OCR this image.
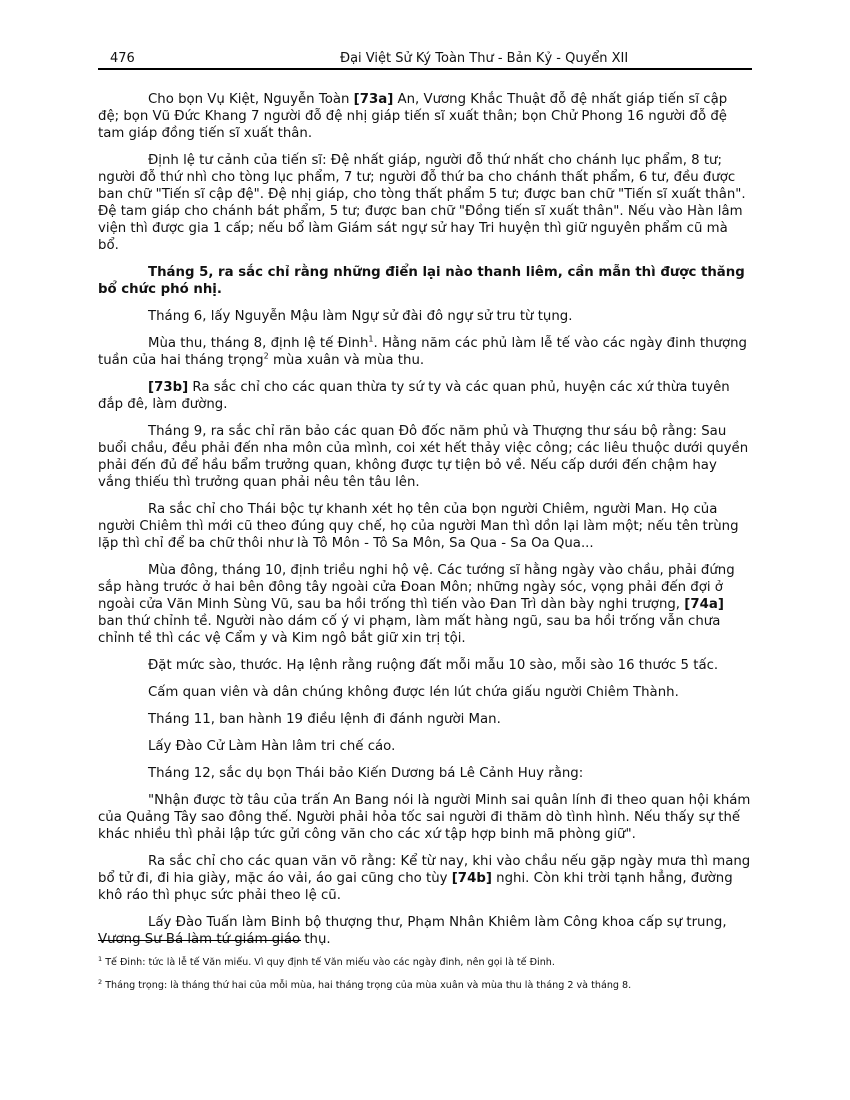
476	Đại Việt Sử Ký Toàn Thư - Bản Kỷ - Quyển XII

Cho bọn Vụ Kiệt, Nguyễn Toàn [73a] An, Vương Khắc Thuật đỗ đệ nhất giáp tiến sĩ cập đệ; bọn Vũ Đức Khang 7 người đỗ đệ nhị giáp tiến sĩ xuất thân; bọn Chử Phong 16 người đỗ đệ tam giáp đồng tiến sĩ xuất thân.

Định lệ tư cảnh của tiến sĩ: Đệ nhất giáp, người đỗ thứ nhất cho chánh lục phẩm, 8 tư; người đỗ thứ nhì cho tòng lục phẩm, 7 tư; người đỗ thứ ba cho chánh thất phẩm, 6 tư, đều được ban chữ "Tiến sĩ cập đệ". Đệ nhị giáp, cho tòng thất phẩm 5 tư; được ban chữ "Tiến sĩ xuất thân". Đệ tam giáp cho chánh bát phẩm, 5 tư; được ban chữ "Đồng tiến sĩ xuất thân". Nếu vào Hàn lâm viện thì được gia 1 cấp; nếu bổ làm Giám sát ngự sử hay Tri huyện thì giữ nguyên phẩm cũ mà bổ.

Tháng 5, ra sắc chỉ rằng những điển lại nào thanh liêm, cần mẫn thì được thăng bổ chức phó nhị.

Tháng 6, lấy Nguyễn Mậu làm Ngự sử đài đô ngự sử tru từ tụng.

Mùa thu, tháng 8, định lệ tế Đinh$^1$. Hằng năm các phủ làm lễ tế vào các ngày đinh thượng tuần của hai tháng trọng$^2$ mùa xuân và mùa thu.

[73b] Ra sắc chỉ cho các quan thừa ty sứ ty và các quan phủ, huyện các xứ thừa tuyên đắp đê, làm đường.

Tháng 9, ra sắc chỉ răn bảo các quan Đô đốc năm phủ và Thượng thư sáu bộ rằng: Sau buổi chầu, đều phải đến nha môn của mình, coi xét hết thảy việc công; các liêu thuộc dưới quyền phải đến đủ để hầu bẩm trưởng quan, không được tự tiện bỏ về. Nếu cấp dưới đến chậm hay vắng thiếu thì trưởng quan phải nêu tên tâu lên.

Ra sắc chỉ cho Thái bộc tự khanh xét họ tên của bọn người Chiêm, người Man. Họ của người Chiêm thì mới cũ theo đúng quy chế, họ của người Man thì dồn lại làm một; nếu tên trùng lặp thì chỉ để ba chữ thôi như là Tô Môn - Tô Sa Môn, Sa Qua - Sa Oa Qua...

Mùa đông, tháng 10, định triều nghi hộ vệ. Các tướng sĩ hằng ngày vào chầu, phải đứng sắp hàng trước ở hai bên đông tây ngoài cửa Đoan Môn; những ngày sóc, vọng phải đến đợi ở ngoài cửa Văn Minh Sùng Vũ, sau ba hồi trống thì tiến vào Đan Trì dàn bày nghi trượng, [74a] ban thứ chỉnh tề. Người nào dám cố ý vi phạm, làm mất hàng ngũ, sau ba hồi trống vẫn chưa chỉnh tề thì các vệ Cẩm y và Kim ngô bắt giữ xin trị tội.

Đặt mức sào, thước. Hạ lệnh rằng ruộng đất mỗi mẫu 10 sào, mỗi sào 16 thước 5 tấc.

Cấm quan viên và dân chúng không được lén lút chứa giấu người Chiêm Thành.

Tháng 11, ban hành 19 điều lệnh đi đánh người Man.

Lấy Đào Cử Làm Hàn lâm tri chế cáo.

Tháng 12, sắc dụ bọn Thái bảo Kiến Dương bá Lê Cảnh Huy rằng:

"Nhận được tờ tâu của trấn An Bang nói là người Minh sai quân lính đi theo quan hội khám của Quảng Tây sao đông thế. Người phải hỏa tốc sai người đi thăm dò tình hình. Nếu thấy sự thế khác nhiều thì phải lập tức gửi công văn cho các xứ tập hợp binh mã phòng giữ".

Ra sắc chỉ cho các quan văn võ rằng: Kể từ nay, khi vào chầu nếu gặp ngày mưa thì mang bổ tử đi, đi hia giày, mặc áo vải, áo gai cũng cho tùy [74b] nghi. Còn khi trời tạnh hẳng, đường khô ráo thì phục sức phải theo lệ cũ.

Lấy Đào Tuấn làm Binh bộ thượng thư, Phạm Nhân Khiêm làm Công khoa cấp sự trung, Vương Sư Bá làm tứ giám giáo thụ.

$^1$ Tế Đinh: tức là lễ tế Văn miếu. Vì quy định tế Văn miếu vào các ngày đinh, nên gọi là tế Đinh.
$^2$ Tháng trọng: là tháng thứ hai của mỗi mùa, hai tháng trọng của mùa xuân và mùa thu là tháng 2 và tháng 8.
